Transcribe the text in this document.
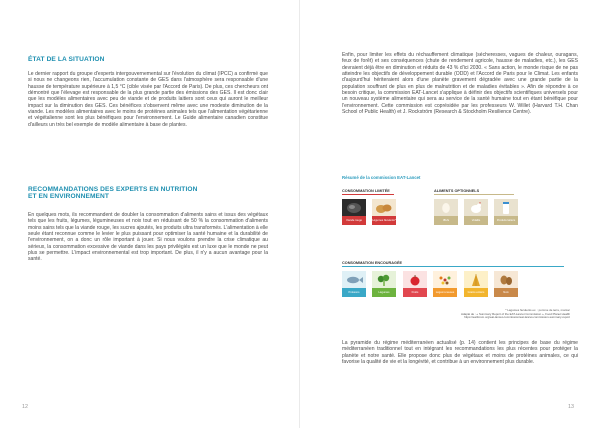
ÉTAT DE LA SITUATION

Le dernier rapport du groupe d'experts intergouvernemental sur l'évolution du climat (IPCC) a confirmé que si nous ne changeons rien, l'accumulation constante de GES dans l'atmosphère sera responsable d'une hausse de température supérieure à 1,5 °C (cible visée par l'Accord de Paris). De plus, ces chercheurs ont démontré que l'élevage est responsable de la plus grande partie des émissions des GES. Il est donc clair que les modèles alimentaires avec peu de viande et de produits laitiers sont ceux qui auront le meilleur impact sur la diminution des GES. Ces bénéfices s'observent même avec une modeste diminution de la viande. Les modèles alimentaires avec le moins de protéines animales tels que l'alimentation végétarienne et végétalienne sont les plus bénéfiques pour l'environnement. Le Guide alimentaire canadien constitue d'ailleurs un très bel exemple de modèle alimentaire à base de plantes.

RECOMMANDATIONS DES EXPERTS EN NUTRITION
ET EN ENVIRONNEMENT

En quelques mots, ils recommandent de doubler la consommation d'aliments sains et issus des végétaux tels que les fruits, légumes, légumineuses et noix tout en réduisant de 50 % la consommation d'aliments moins sains tels que la viande rouge, les sucres ajoutés, les produits ultra transformés. L'alimentation à elle seule étant reconnue comme le levier le plus puissant pour optimiser la santé humaine et la durabilité de l'environnement, on a donc un rôle important à jouer. Si nous voulons prendre la crise climatique au sérieux, la consommation excessive de viande dans les pays privilégiés est un luxe que le monde ne peut plus se permettre. L'impact environnemental est trop important. De plus, il n'y a aucun avantage pour la santé.

12

Enfin, pour limiter les effets du réchauffement climatique (sécheresses, vagues de chaleur, ouragans, feux de forêt) et ses conséquences (chute de rendement agricole, hausse de maladies, etc.), les GES devraient déjà être en diminution et réduits de 43 % d'ici 2030. « Sans action, le monde risque de ne pas atteindre les objectifs de développement durable (ODD) et l'Accord de Paris pour le Climat. Les enfants d'aujourd'hui hériteraient alors d'une planète gravement dégradée avec une grande partie de la population souffrant de plus en plus de malnutrition et de maladies évitables ». Afin de répondre à ce besoin critique, la commission EAT-Lancet s'applique à définir des objectifs scientifiques universels pour un nouveau système alimentaire qui sera au service de la santé humaine tout en étant bénéfique pour l'environnement. Cette commission est coprésidée par les professeurs W. Willet (Harvard T.H. Chan School of Public Health) et J. Rockström (Research & Stockholm Resilience Centre).

Résumé de la commission EAT-Lancet
CONSOMMATION LIMITÉE	ALIMENTS OPTIONNELS
CONSOMMATION ENCOURAGÉE
* Légumes féculents ex. : pomme de terre, manioc
Adapté de : « Summary Report of the EAT-Lancet Commission », Food Planet Health
https://eatforum.org/eat-lancet-commission/eat-lancet-commission-summary-report

La pyramide du régime méditerranéen actualisé (p. 14) contient les principes de base du régime méditerranéen traditionnel tout en intégrant les recommandations les plus récentes pour protéger la planète et notre santé. Elle propose donc plus de végétaux et moins de protéines animales, ce qui favorise la qualité de vie et la longévité, et contribue à un environnement plus durable.

13
Viande rouge	Légumes féculents*	Œufs	Volaille	Produits laitiers
Poissons	Légumes	Fruits	Légumi-neuses	Grains entiers	Noix
